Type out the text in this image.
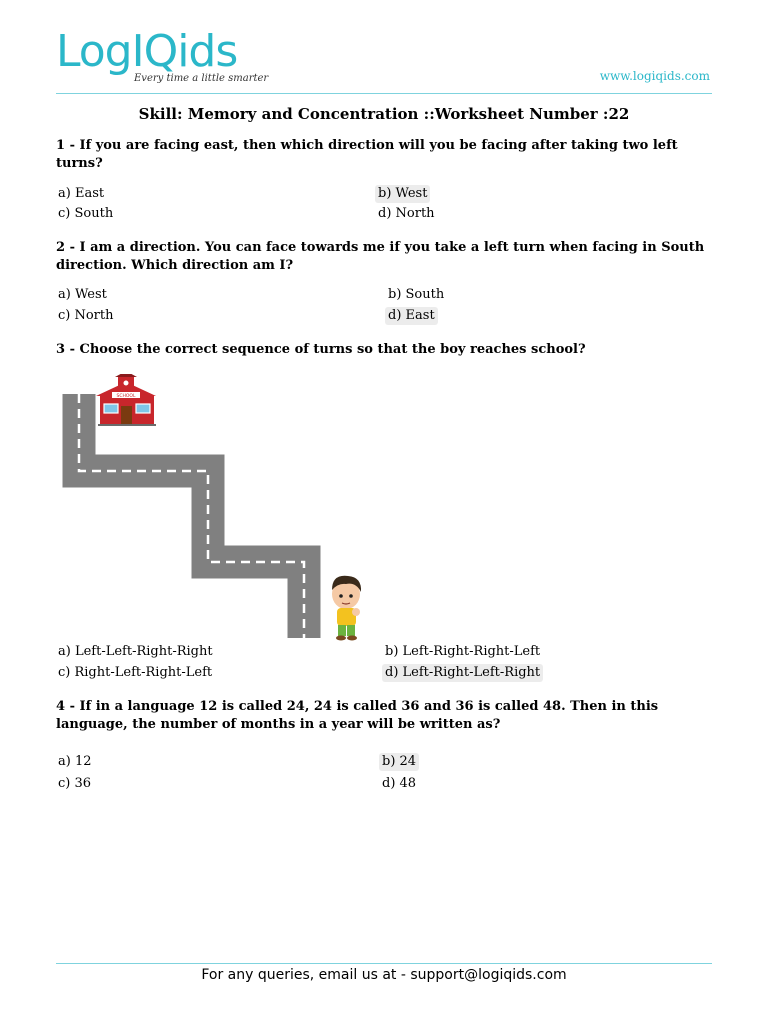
LogIQids
Every time a little smarter	www.logiqids.com
Skill: Memory and Concentration ::Worksheet Number :22
1 - If you are facing east, then which direction will you be facing after taking two left turns?
a) East	b) West
c) South	d) North
2 - I am a direction. You can face towards me if you take a left turn when facing in South direction. Which direction am I?
a) West	b) South
c) North	d) East
3 - Choose the correct sequence of turns so that the boy reaches school?
SCHOOL
a) Left-Left-Right-Right	b) Left-Right-Right-Left
c) Right-Left-Right-Left	d) Left-Right-Left-Right
4 - If in a language 12 is called 24, 24 is called 36 and 36 is called 48. Then in this language, the number of months in a year will be written as?
a) 12	b) 24
c) 36	d) 48
For any queries, email us at - support@logiqids.com
